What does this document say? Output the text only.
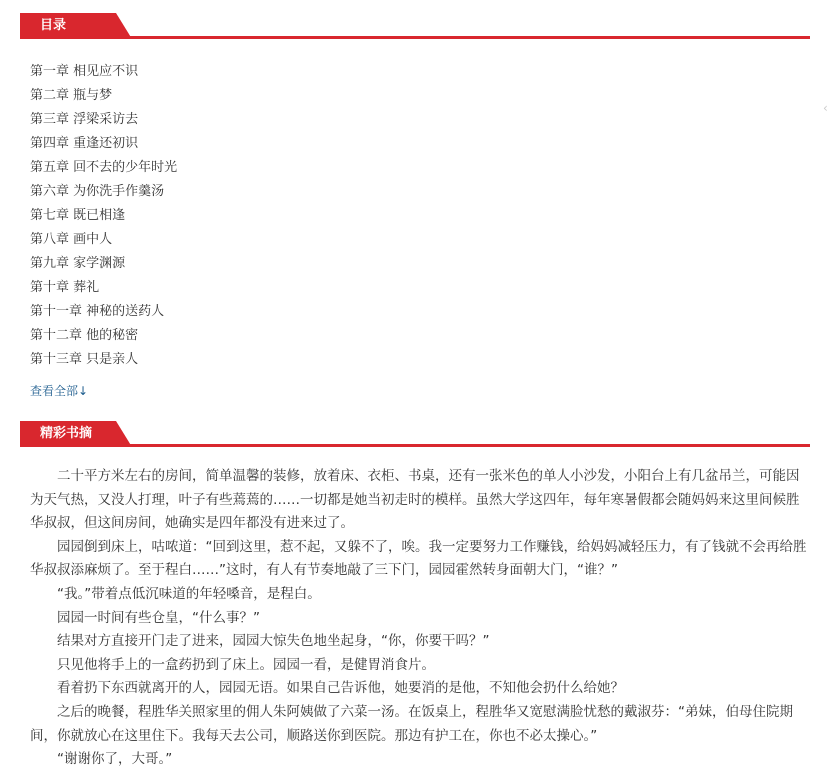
目录
第一章 相见应不识
第二章 瓶与梦
第三章 浮梁采访去
第四章 重逢还初识
第五章 回不去的少年时光
第六章 为你洗手作羹汤
第七章 既已相逢
第八章 画中人
第九章 家学渊源
第十章 葬礼
第十一章 神秘的送药人
第十二章 他的秘密
第十三章 只是亲人
查看全部↓
‹
精彩书摘

二十平方米左右的房间，简单温馨的装修，放着床、衣柜、书桌，还有一张米色的单人小沙发，小阳台上有几盆吊兰，可能因为天气热，又没人打理，叶子有些蔫蔫的……一切都是她当初走时的模样。虽然大学这四年，每年寒暑假都会随妈妈来这里间候胜华叔叔，但这间房间，她确实是四年都没有进来过了。

园园倒到床上，咕哝道：“回到这里，惹不起，又躲不了，唉。我一定要努力工作赚钱，给妈妈减轻压力，有了钱就不会再给胜华叔叔添麻烦了。至于程白……”这时，有人有节奏地敲了三下门，园园霍然转身面朝大门，“谁？”

“我。”带着点低沉味道的年轻嗓音，是程白。

园园一时间有些仓皇，“什么事？”

结果对方直接开门走了进来，园园大惊失色地坐起身，“你，你要干吗？”

只见他将手上的一盒药扔到了床上。园园一看，是健胃消食片。

看着扔下东西就离开的人，园园无语。如果自己告诉他，她要消的是他，不知他会扔什么给她？

之后的晚餐，程胜华关照家里的佣人朱阿姨做了六菜一汤。在饭桌上，程胜华又宽慰满脸忧愁的戴淑芬：“弟妹，伯母住院期间，你就放心在这里住下。我每天去公司，顺路送你到医院。那边有护工在，你也不必太操心。”

“谢谢你了，大哥。”
